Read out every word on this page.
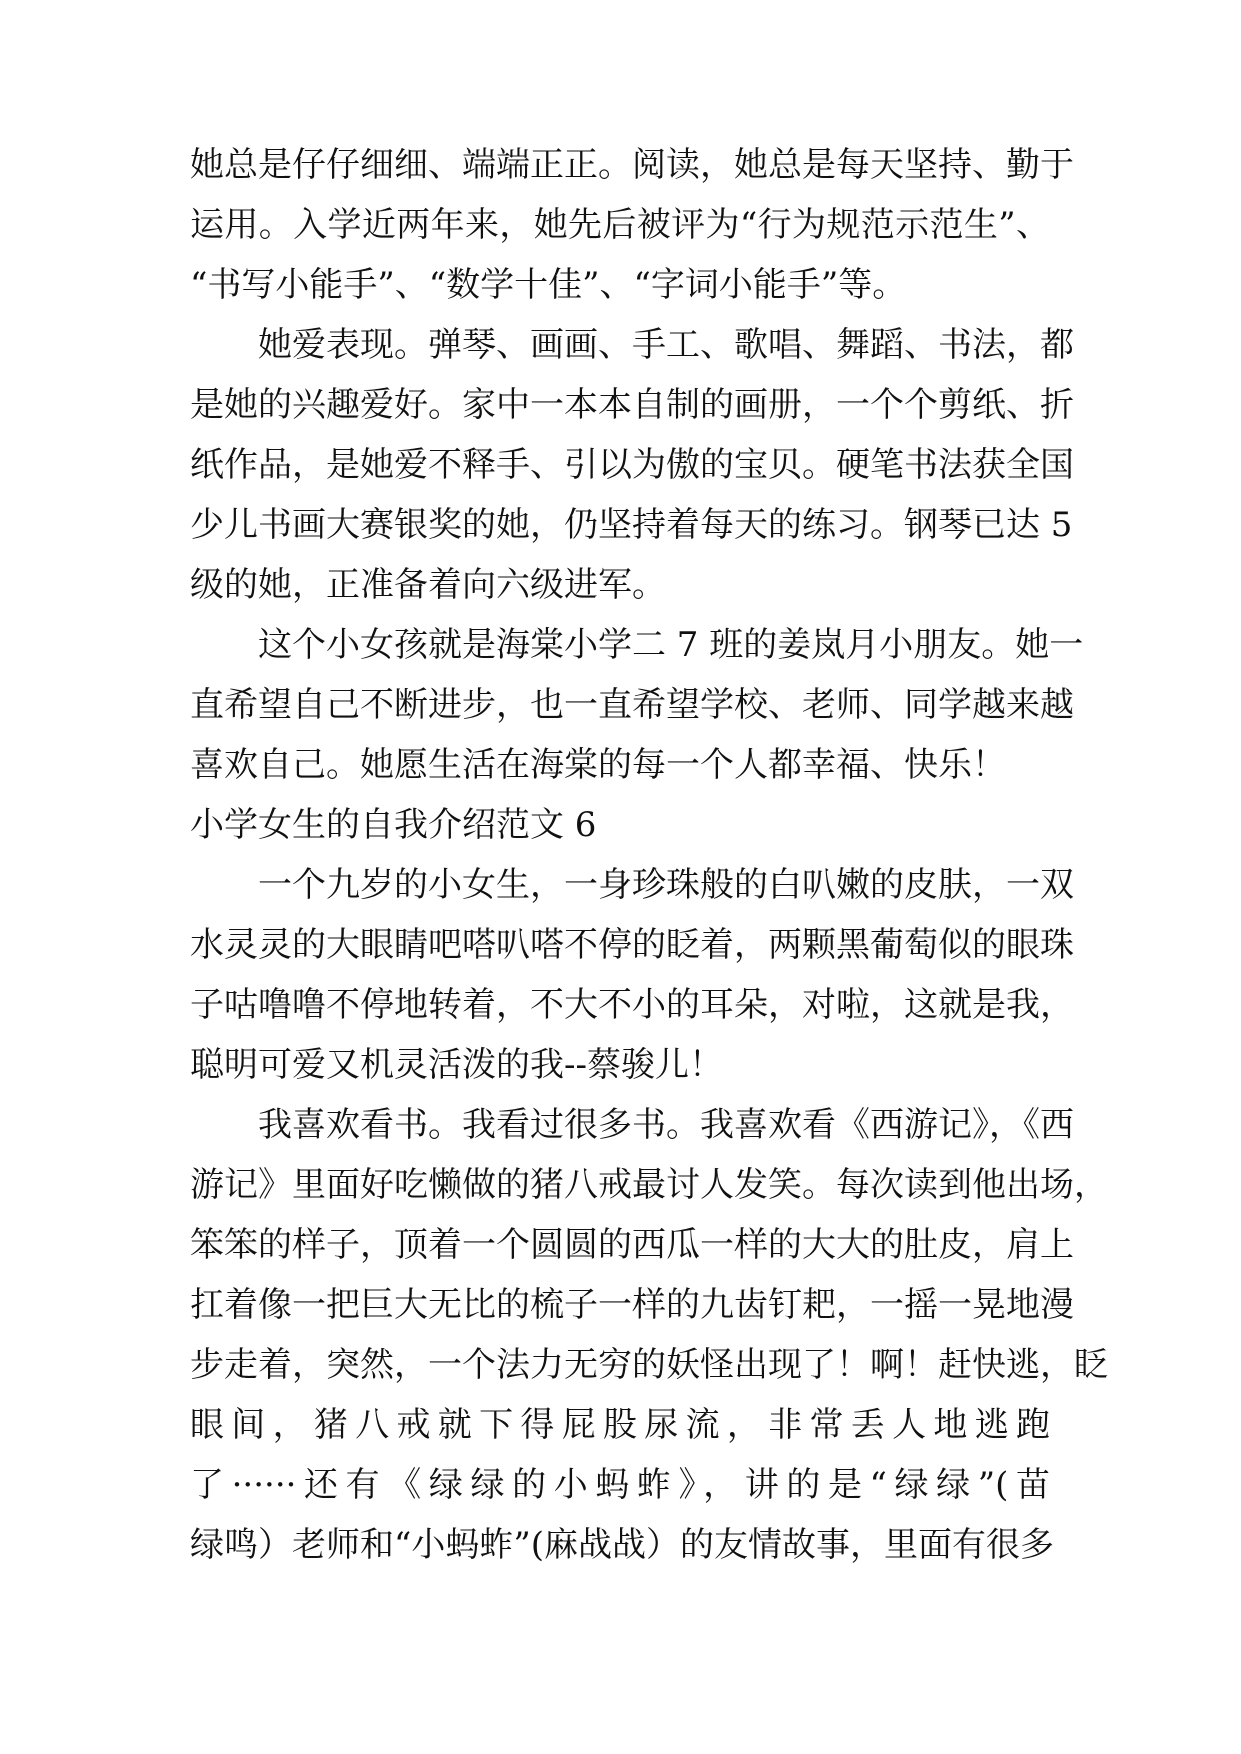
她总是仔仔细细、端端正正。阅读，她总是每天坚持、勤于
运用。入学近两年来，她先后被评为“行为规范示范生”、
“书写小能手”、“数学十佳”、“字词小能手”等。
她爱表现。弹琴、画画、手工、歌唱、舞蹈、书法，都
是她的兴趣爱好。家中一本本自制的画册，一个个剪纸、折
纸作品，是她爱不释手、引以为傲的宝贝。硬笔书法获全国
少儿书画大赛银奖的她，仍坚持着每天的练习。钢琴已达 5
级的她，正准备着向六级进军。
这个小女孩就是海棠小学二 7 班的姜岚月小朋友。她一
直希望自己不断进步，也一直希望学校、老师、同学越来越
喜欢自己。她愿生活在海棠的每一个人都幸福、快乐！
小学女生的自我介绍范文 6
一个九岁的小女生，一身珍珠般的白叭嫩的皮肤，一双
水灵灵的大眼睛吧嗒叭嗒不停的眨着，两颗黑葡萄似的眼珠
子咕噜噜不停地转着，不大不小的耳朵，对啦，这就是我，
聪明可爱又机灵活泼的我--蔡骏儿！
我喜欢看书。我看过很多书。我喜欢看《西游记》，《西
游记》里面好吃懒做的猪八戒最讨人发笑。每次读到他出场，
笨笨的样子，顶着一个圆圆的西瓜一样的大大的肚皮，肩上
扛着像一把巨大无比的梳子一样的九齿钉耙，一摇一晃地漫
步走着，突然，一个法力无穷的妖怪出现了！啊！赶快逃，眨
眼间，猪八戒就下得屁股尿流，非常丢人地逃跑
了······还有《绿绿的小蚂蚱》，讲的是“绿绿”(苗
绿鸣）老师和“小蚂蚱”(麻战战）的友情故事，里面有很多
